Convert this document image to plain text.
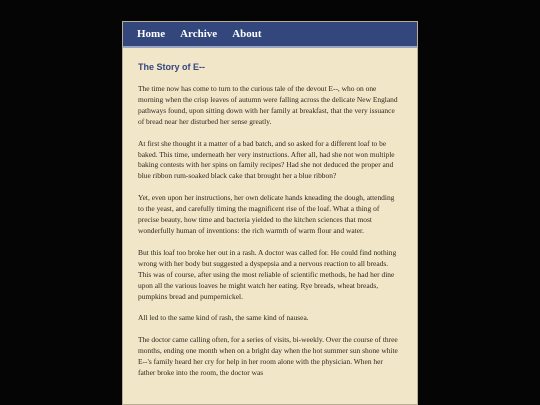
Home Archive About
The Story of E--

The time now has come to turn to the curious tale of the devout E--, who on one morning when the crisp leaves of autumn were falling across the delicate New England pathways found, upon sitting down with her family at breakfast, that the very issuance of bread near her disturbed her sense greatly.

At first she thought it a matter of a bad batch, and so asked for a different loaf to be baked. This time, underneath her very instructions. After all, had she not won multiple baking contests with her spins on family recipes? Had she not deduced the proper and blue ribbon rum-soaked black cake that brought her a blue ribbon?

Yet, even upon her instructions, her own delicate hands kneading the dough, attending to the yeast, and carefully timing the magnificent rise of the loaf. What a thing of precise beauty, how time and bacteria yielded to the kitchen sciences that most wonderfully human of inventions: the rich warmth of warm flour and water.

But this loaf too broke her out in a rash. A doctor was called for. He could find nothing wrong with her body but suggested a dyspepsia and a nervous reaction to all breads. This was of course, after using the most reliable of scientific methods, he had her dine upon all the various loaves he might watch her eating. Rye breads, wheat breads, pumpkins bread and pumpernickel.

All led to the same kind of rash, the same kind of nausea.

The doctor came calling often, for a series of visits, bi-weekly. Over the course of three months, ending one month when on a bright day when the hot summer sun shone white E--'s family heard her cry for help in her room alone with the physician. When her father broke into the room, the doctor was
